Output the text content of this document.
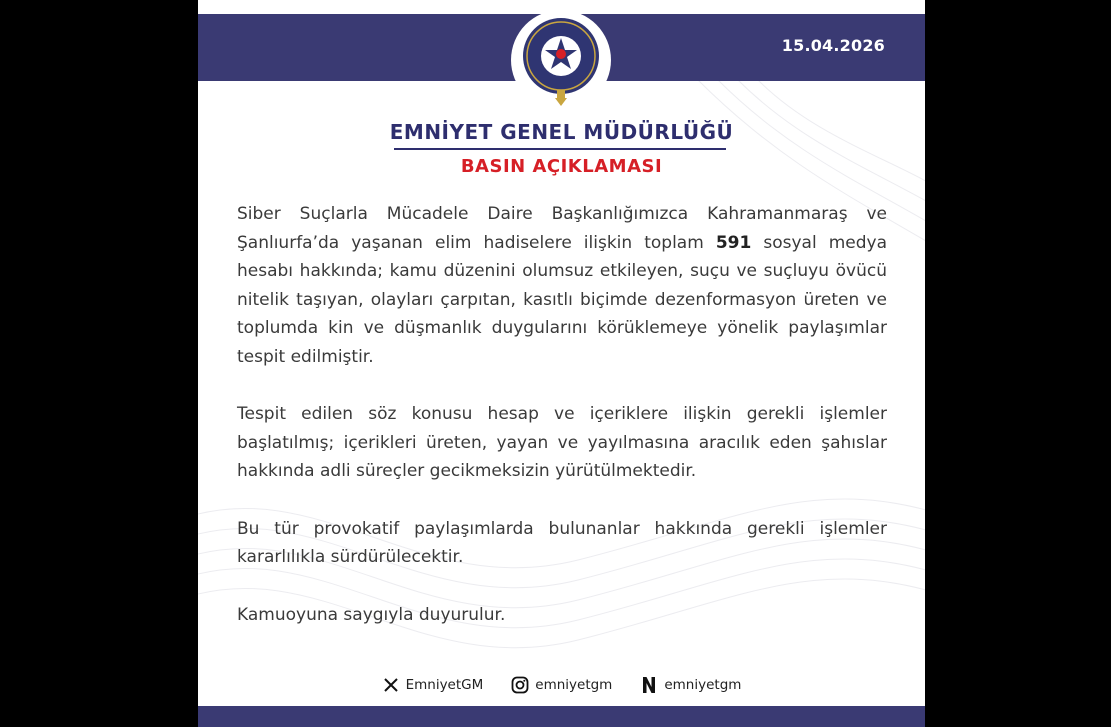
15.04.2026
EMNİYET GENEL MÜDÜRLÜĞÜ
BASIN AÇIKLAMASI

Siber Suçlarla Mücadele Daire Başkanlığımızca Kahramanmaraş ve Şanlıurfa’da yaşanan elim hadiselere ilişkin toplam 591 sosyal medya hesabı hakkında; kamu düzenini olumsuz etkileyen, suçu ve suçluyu övücü nitelik taşıyan, olayları çarpıtan, kasıtlı biçimde dezenformasyon üreten ve toplumda kin ve düşmanlık duygularını körüklemeye yönelik paylaşımlar tespit edilmiştir.

Tespit edilen söz konusu hesap ve içeriklere ilişkin gerekli işlemler başlatılmış; içerikleri üreten, yayan ve yayılmasına aracılık eden şahıslar hakkında adli süreçler gecikmeksizin yürütülmektedir.

Bu tür provokatif paylaşımlarda bulunanlar hakkında gerekli işlemler kararlılıkla sürdürülecektir.

Kamuoyuna saygıyla duyurulur.

EmniyetGM	emniyetgm	emniyetgm
